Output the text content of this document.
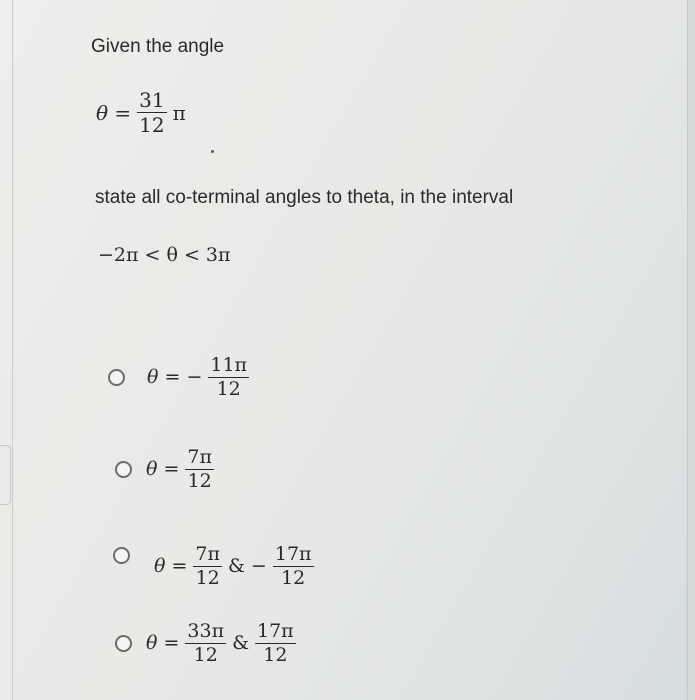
Given the angle
$\theta = \frac{31}{12}$ π
state all co-terminal angles to theta, in the interval
−2π < θ < 3π
θ = − $\frac{11\pi}{12}$
$\theta = \frac{7\pi}{12}$
$\theta = \frac{7\pi}{12}$ & − $\frac{17\pi}{12}$
$\theta = \frac{33\pi}{12}$ & $\frac{17\pi}{12}$
